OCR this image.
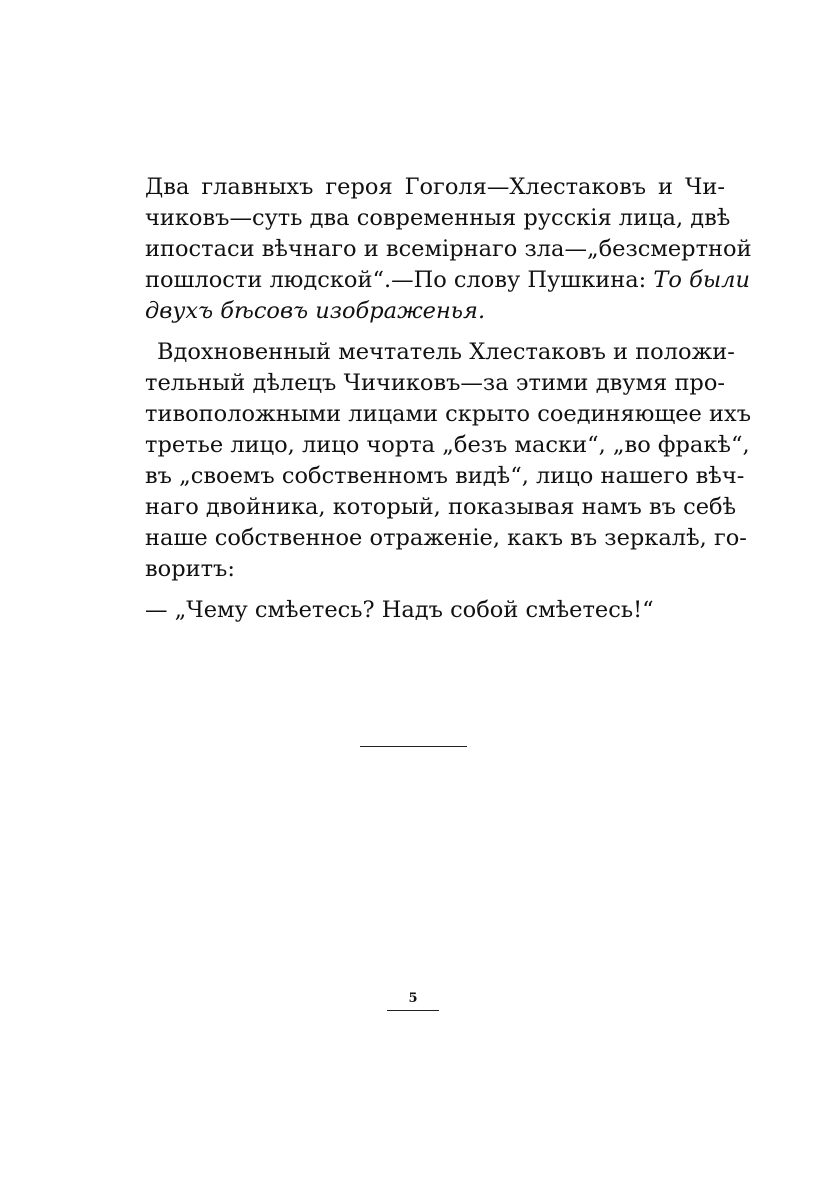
Два главныхъ героя Гоголя—Хлестаковъ и Чи-
чиковъ—суть два современныя русскія лица, двѣ
ипостаси вѣчнаго и всемірнаго зла—„безсмертной
пошлости людской“.—По слову Пушкина: То были
двухъ бѣсовъ изображенья.
Вдохновенный мечтатель Хлестаковъ и положи-
тельный дѣлецъ Чичиковъ—за этими двумя про-
тивоположными лицами скрыто соединяющее ихъ
третье лицо, лицо чорта „безъ маски“, „во фракѣ“,
въ „своемъ собственномъ видѣ“, лицо нашего вѣч-
наго двойника, который, показывая намъ въ себѣ
наше собственное отраженіе, какъ въ зеркалѣ, го-
воритъ:
— „Чему смѣетесь? Надъ собой смѣетесь!“
5
